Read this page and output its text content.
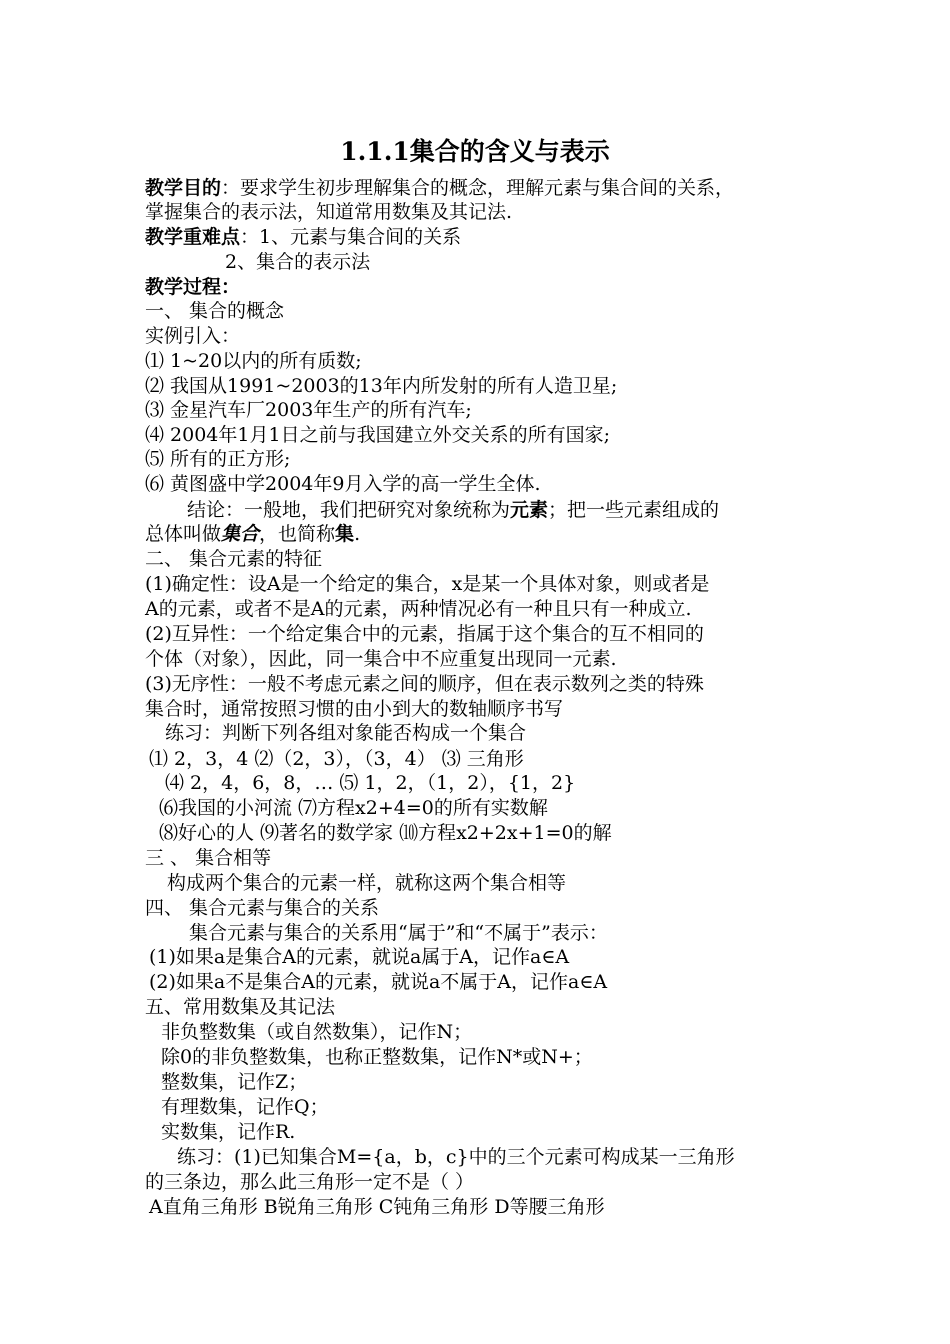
1.1.1集合的含义与表示
教学目的：要求学生初步理解集合的概念，理解元素与集合间的关系，
掌握集合的表示法，知道常用数集及其记法.
教学重难点：1、元素与集合间的关系
2、集合的表示法
教学过程：
一、 集合的概念
实例引入：
⑴ 1~20以内的所有质数;
⑵ 我国从1991~2003的13年内所发射的所有人造卫星;
⑶ 金星汽车厂2003年生产的所有汽车;
⑷ 2004年1月1日之前与我国建立外交关系的所有国家;
⑸ 所有的正方形;
⑹ 黄图盛中学2004年9月入学的高一学生全体.
结论：一般地，我们把研究对象统称为元素；把一些元素组成的
总体叫做集合，也简称集.
二、 集合元素的特征
(1)确定性：设A是一个给定的集合，x是某一个具体对象，则或者是
A的元素，或者不是A的元素，两种情况必有一种且只有一种成立.
(2)互异性：一个给定集合中的元素，指属于这个集合的互不相同的
个体（对象），因此，同一集合中不应重复出现同一元素.
(3)无序性：一般不考虑元素之间的顺序，但在表示数列之类的特殊
集合时，通常按照习惯的由小到大的数轴顺序书写
练习：判断下列各组对象能否构成一个集合
⑴ 2，3，4 ⑵（2，3），（3，4） ⑶ 三角形
⑷ 2，4，6，8，… ⑸ 1，2，（1，2），{1，2}
⑹我国的小河流 ⑺方程x2+4=0的所有实数解
⑻好心的人 ⑼著名的数学家 ⑽方程x2+2x+1=0的解
三 、 集合相等
构成两个集合的元素一样，就称这两个集合相等
四、 集合元素与集合的关系
集合元素与集合的关系用“属于”和“不属于”表示：
(1)如果a是集合A的元素，就说a属于A，记作a∈A
(2)如果a不是集合A的元素，就说a不属于A，记作a∈A
五、常用数集及其记法
非负整数集（或自然数集），记作N；
除0的非负整数集，也称正整数集，记作N*或N+；
整数集，记作Z；
有理数集，记作Q；
实数集，记作R.
练习：(1)已知集合M={a，b，c}中的三个元素可构成某一三角形
的三条边，那么此三角形一定不是（ ）
A直角三角形 B锐角三角形 C钝角三角形 D等腰三角形
